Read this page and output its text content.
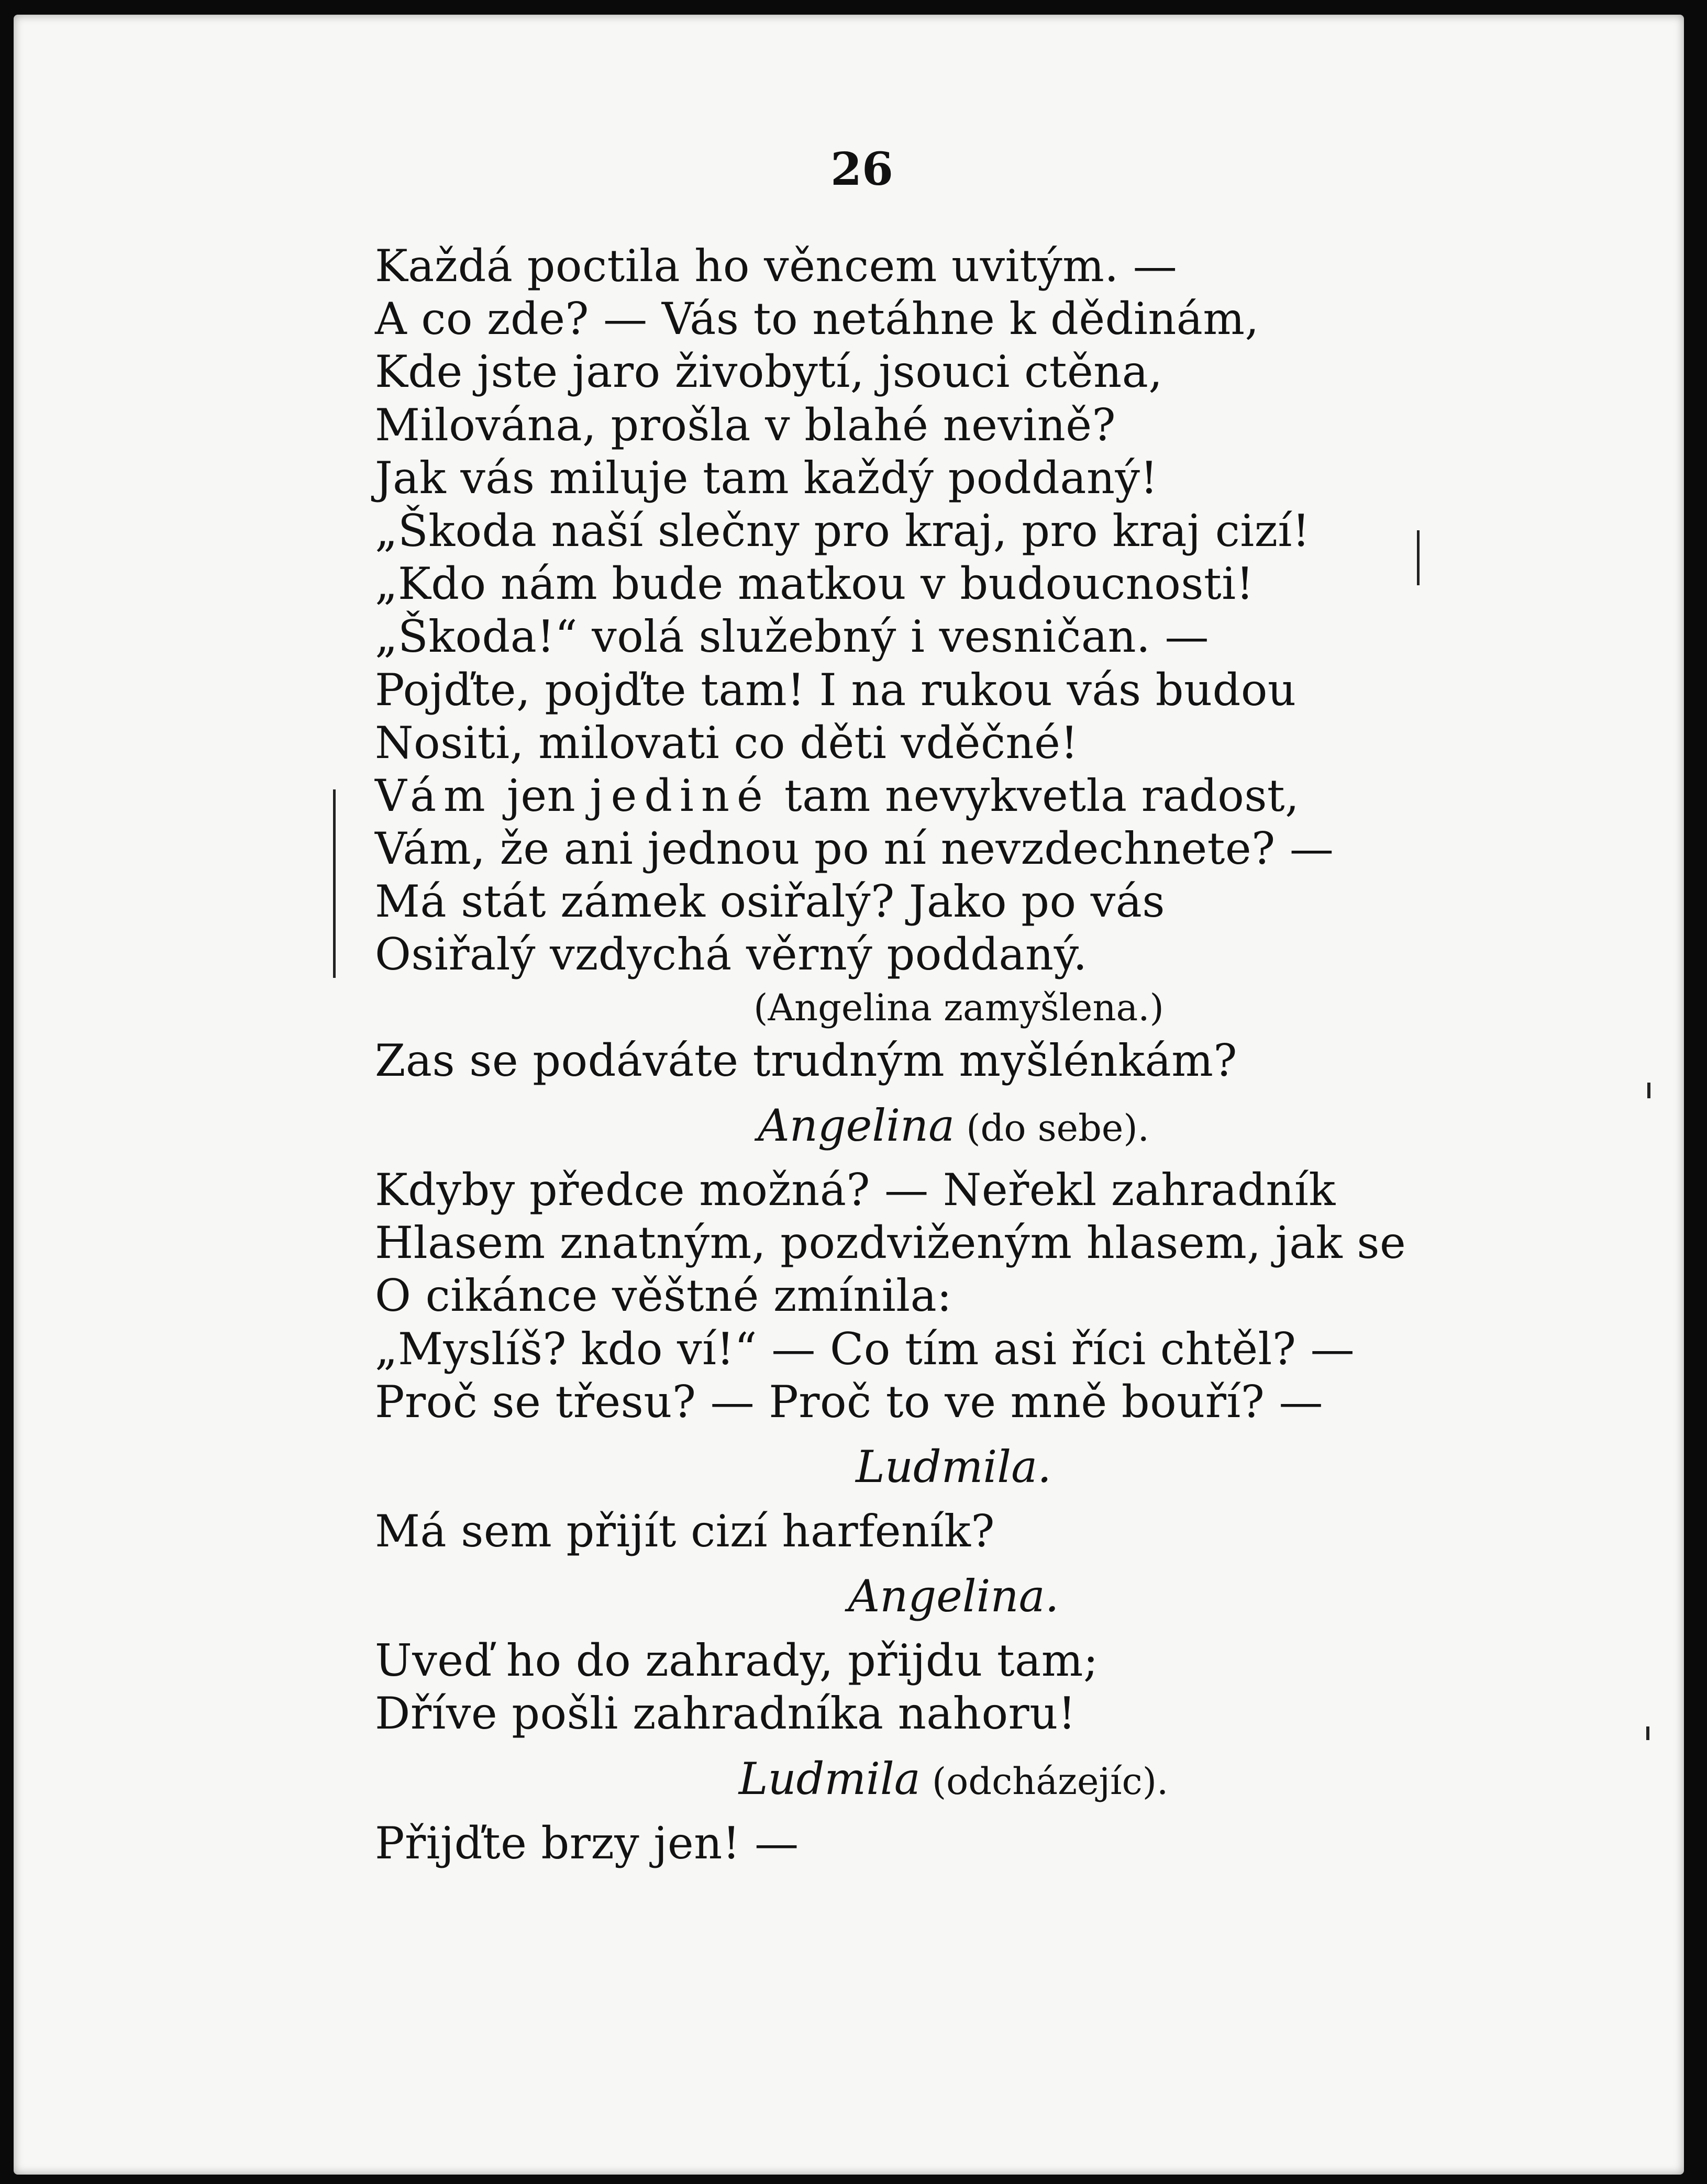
26
Každá poctila ho věncem uvitým. —
A co zde? — Vás to netáhne k dědinám,
Kde jste jaro živobytí, jsouci ctěna,
Milována, prošla v blahé nevině?
Jak vás miluje tam každý poddaný!
„Škoda naší slečny pro kraj, pro kraj cizí!
„Kdo nám bude matkou v budoucnosti!
„Škoda!“ volá služebný i vesničan. —
Pojďte, pojďte tam! I na rukou vás budou
Nositi, milovati co děti vděčné!
Vám jen jediné tam nevykvetla radost,
Vám, že ani jednou po ní nevzdechnete? —
Má stát zámek osiřalý? Jako po vás
Osiřalý vzdychá věrný poddaný.
(Angelina zamyšlena.)
Zas se podáváte trudným myšlénkám?
Angelina (do sebe).
Kdyby předce možná? — Neřekl zahradník
Hlasem znatným, pozdviženým hlasem, jak se
O cikánce věštné zmínila:
„Myslíš? kdo ví!“ — Co tím asi říci chtěl? —
Proč se třesu? — Proč to ve mně bouří? —
Ludmila.
Má sem přijít cizí harfeník?
Angelina.
Uveď ho do zahrady, přijdu tam;
Dříve pošli zahradníka nahoru!
Ludmila (odcházejíc).
Přijďte brzy jen! —
